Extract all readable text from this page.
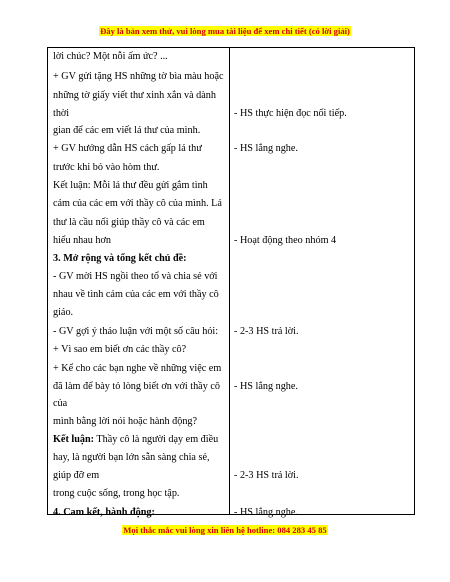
Đây là bản xem thử, vui lòng mua tài liệu để xem chi tiết (có lời giải)
lời chúc? Một nỗi ấm ức? ...
+ GV gửi tặng HS những tờ bìa màu hoặc
những tờ giấy viết thư xinh xắn và dành
thời
gian để các em viết lá thư của mình.
+ GV hướng dẫn HS cách gấp lá thư
trước khi bỏ vào hòm thư.
Kết luận: Mỗi lá thư đều gửi gắm tình
cảm của các em với thầy cô của mình. Lá
thư là cầu nối giúp thầy cô và các em
hiểu nhau hơn
3. Mở rộng và tổng kết chủ đề:
- GV mời HS ngồi theo tổ và chia sẻ với
nhau về tình cảm của các em với thầy cô
giáo.
- GV gợi ý thảo luận với một số câu hỏi:
+ Vì sao em biết ơn các thầy cô?
+ Kể cho các bạn nghe về những việc em
đã làm để bày tỏ lòng biết ơn với thầy cô
của
mình bằng lời nói hoặc hành động?
Kết luận: Thầy cô là người dạy em điều
hay, là người bạn lớn sẵn sàng chia sẻ,
giúp đỡ em
trong cuộc sống, trong học tập.
4. Cam kết, hành động:
- HS thực hiện đọc nối tiếp.
- HS lắng nghe.
- Hoạt động theo nhóm 4
- 2-3 HS trả lời.
- HS lắng nghe.
- 2-3 HS trả lời.
- HS lắng nghe.
Mọi thắc mắc vui lòng xin liên hệ hotline: 084 283 45 85
